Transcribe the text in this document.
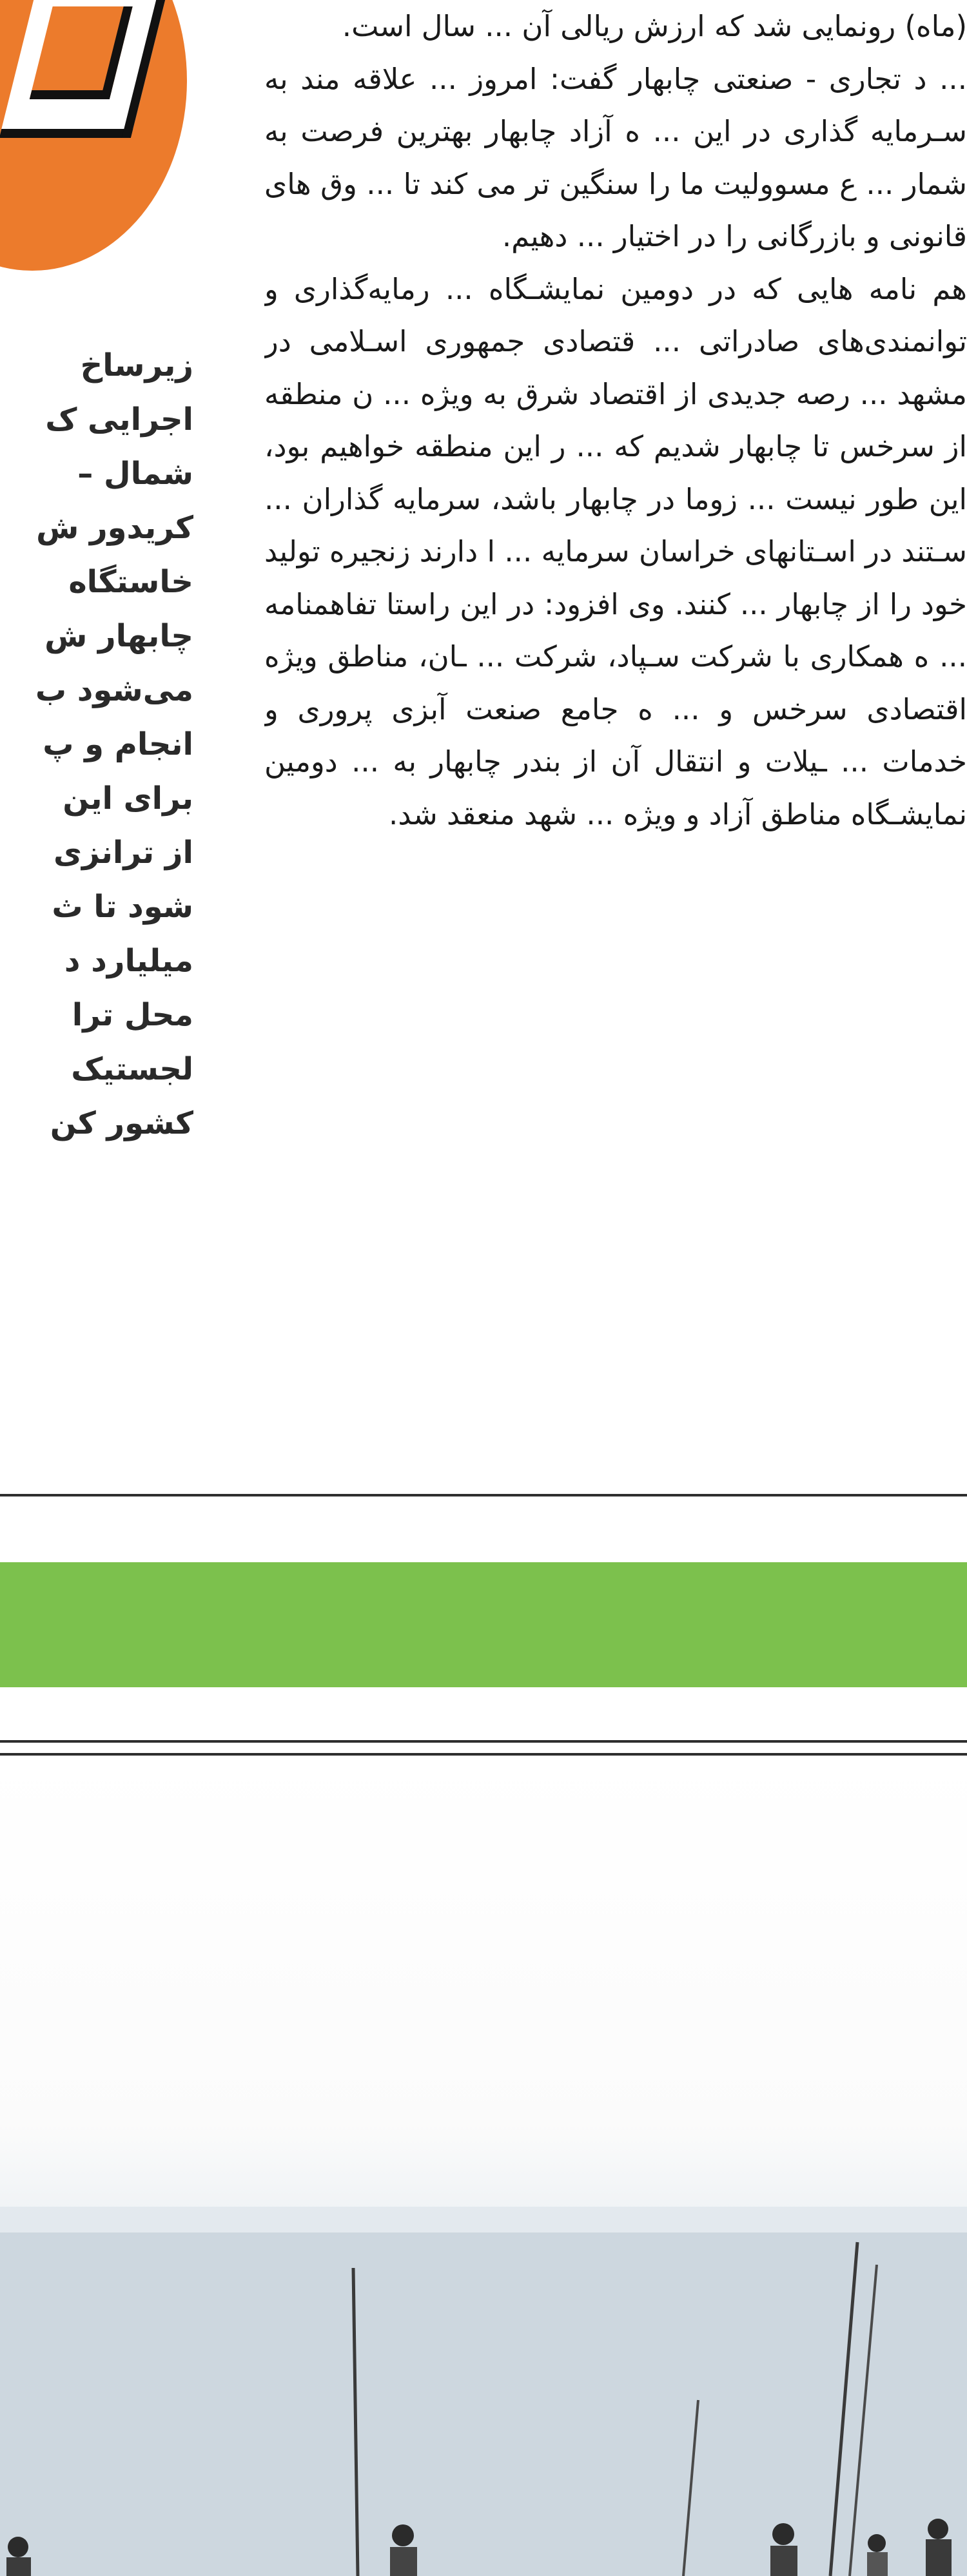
(ماه) رونمایی شد که ارزش ریالی آن ... سال است.

... د تجاری - صنعتی چابهار گفت: امروز ... علاقه مند به سـرمایه گذاری در این ... ه آزاد چابهار بهترین فرصت به شمار ... ع مسوولیت ما را سنگین تر می کند تا ... وق های قانونی و بازرگانی را در اختیار ... دهیم.

هم نامه هایی که در دومین نمایشـگاه ... رمایه‌گذاری و توانمندی‌های صادراتی ... قتصادی جمهوری اسـلامی در مشهد ... رصه جدیدی از اقتصاد شرق به ویژه ... ن منطقه از سرخس تا چابهار شدیم که ... ر این منطقه خواهیم بود، این طور نیست ... زوما در چابهار باشد، سرمایه گذاران ... سـتند در اسـتانهای خراسان سرمایه ... ا دارند زنجیره تولید خود را از چابهار ... کنند. وی افزود: در این راستا تفاهمنامه ... ه همکاری با شرکت سـپاد، شرکت ... ـان، مناطق ویژه اقتصادی سرخس و ... ه جامع صنعت آبزی پروری و خدمات ... ـیلات و انتقال آن از بندر چابهار به ... دومین نمایشـگاه مناطق آزاد و ویژه ... شهد منعقد شد.

زیرساخ
اجرایی ک
شمال –
کریدور ش
خاستگاه
چابهار ش
می‌شود ب
انجام و پ
برای این
از ترانزی
شود تا ث
میلیارد د
محل ترا
لجستیک
کشور کن
